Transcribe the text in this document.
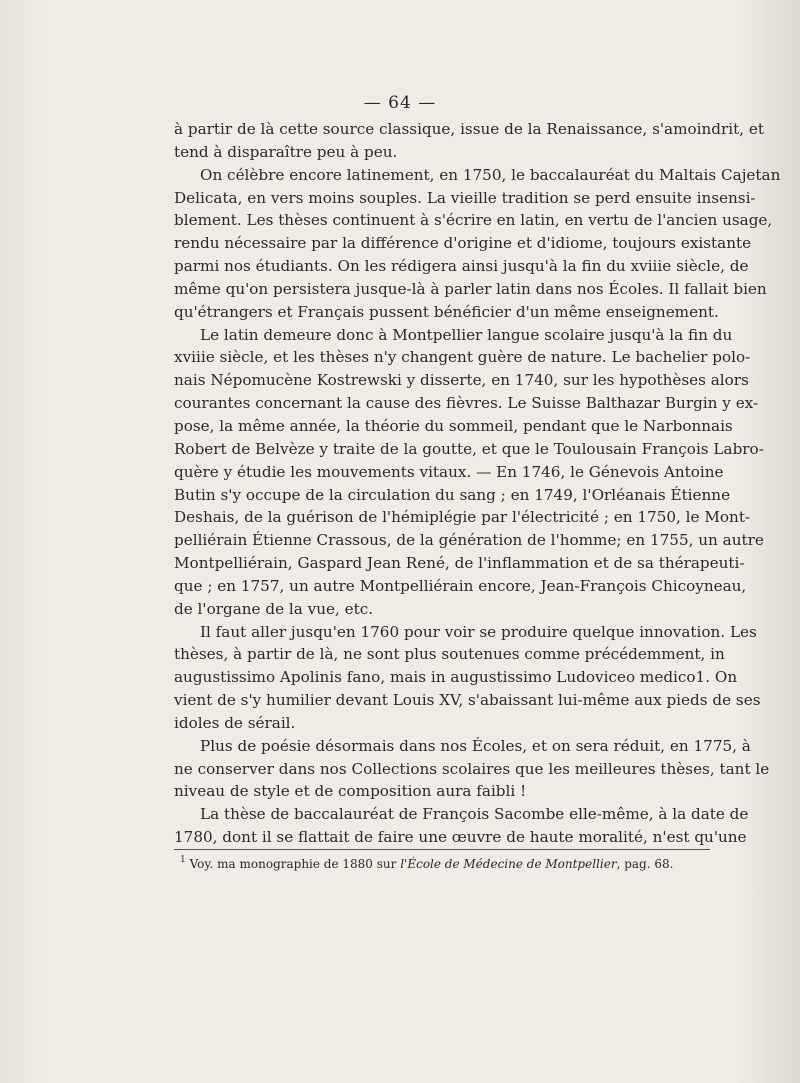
— 64 —
à partir de là cette source classique, issue de la Renaissance, s'amoindrit, et
tend à disparaître peu à peu.
On célèbre encore latinement, en 1750, le baccalauréat du Maltais Cajetan
Delicata, en vers moins souples. La vieille tradition se perd ensuite insensi-
blement. Les thèses continuent à s'écrire en latin, en vertu de l'ancien usage,
rendu nécessaire par la différence d'origine et d'idiome, toujours existante
parmi nos étudiants. On les rédigera ainsi jusqu'à la fin du xviiie siècle, de
même qu'on persistera jusque-là à parler latin dans nos Écoles. Il fallait bien
qu'étrangers et Français pussent bénéficier d'un même enseignement.
Le latin demeure donc à Montpellier langue scolaire jusqu'à la fin du
xviiie siècle, et les thèses n'y changent guère de nature. Le bachelier polo-
nais Népomucène Kostrewski y disserte, en 1740, sur les hypothèses alors
courantes concernant la cause des fièvres. Le Suisse Balthazar Burgin y ex-
pose, la même année, la théorie du sommeil, pendant que le Narbonnais
Robert de Belvèze y traite de la goutte, et que le Toulousain François Labro-
quère y étudie les mouvements vitaux. — En 1746, le Génevois Antoine
Butin s'y occupe de la circulation du sang ; en 1749, l'Orléanais Étienne
Deshais, de la guérison de l'hémiplégie par l'électricité ; en 1750, le Mont-
pelliérain Étienne Crassous, de la génération de l'homme; en 1755, un autre
Montpelliérain, Gaspard Jean René, de l'inflammation et de sa thérapeuti-
que ; en 1757, un autre Montpelliérain encore, Jean-François Chicoyneau,
de l'organe de la vue, etc.
Il faut aller jusqu'en 1760 pour voir se produire quelque innovation. Les
thèses, à partir de là, ne sont plus soutenues comme précédemment, in
augustissimo Apolinis fano, mais in augustissimo Ludoviceo medico1. On
vient de s'y humilier devant Louis XV, s'abaissant lui-même aux pieds de ses
idoles de sérail.
Plus de poésie désormais dans nos Écoles, et on sera réduit, en 1775, à
ne conserver dans nos Collections scolaires que les meilleures thèses, tant le
niveau de style et de composition aura faibli !
La thèse de baccalauréat de François Sacombe elle-même, à la date de
1780, dont il se flattait de faire une œuvre de haute moralité, n'est qu'une
$^1$ Voy. ma monographie de 1880 sur l'École de Médecine de Montpellier, pag. 68.
